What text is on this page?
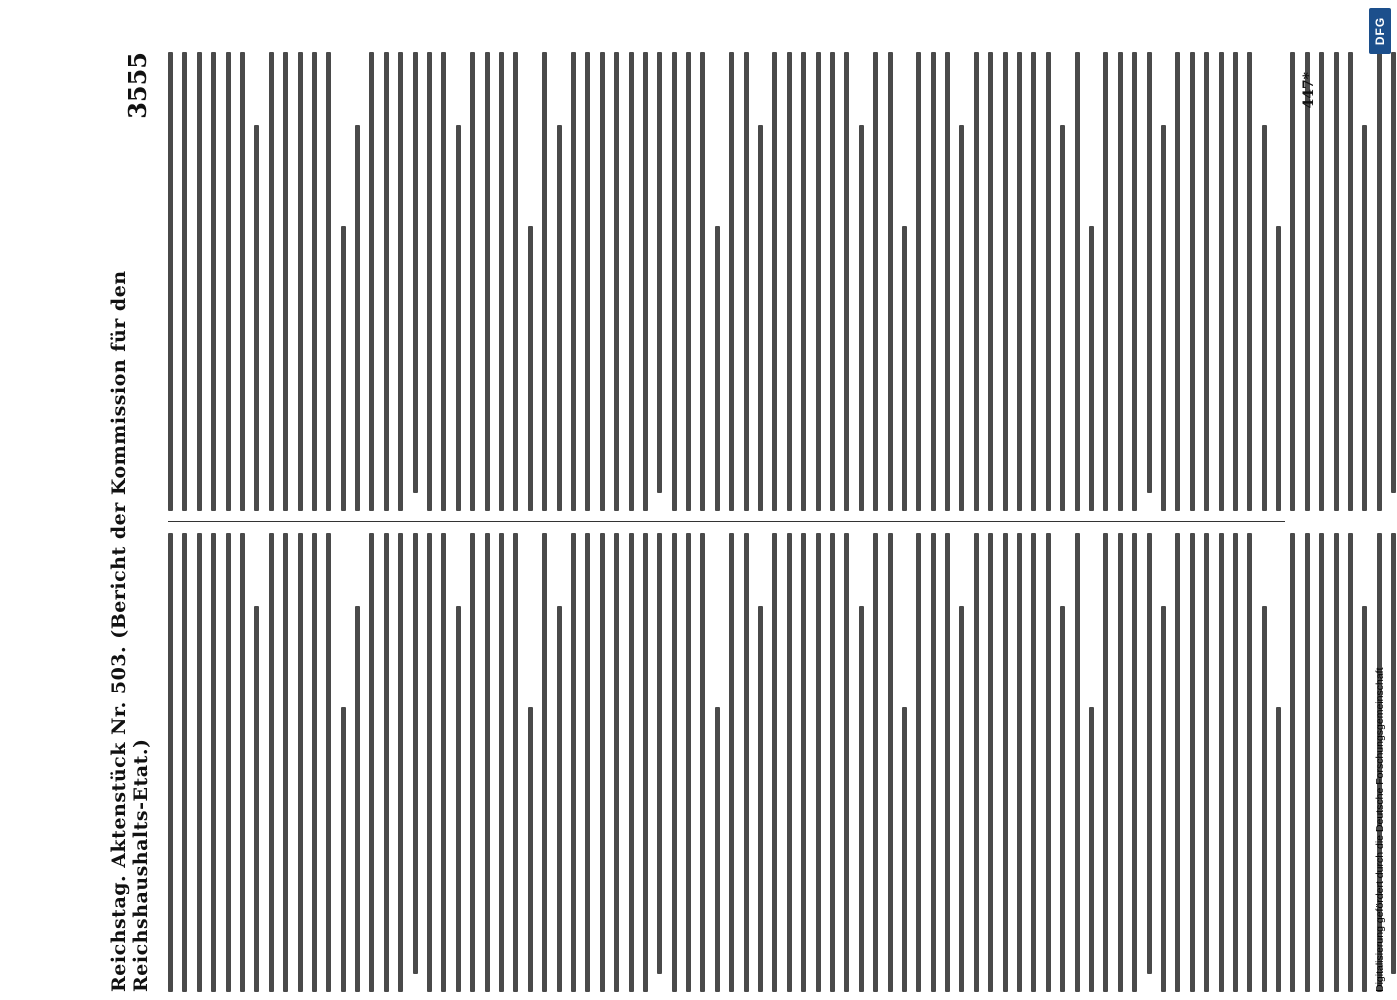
Reichstag. Aktenstück Nr. 503. (Bericht der Kommission für den Reichshaushalts-Etat.)
3555	447*
DFG
Digitalisierung gefördert durch die Deutsche Forschungsgemeinschaft
